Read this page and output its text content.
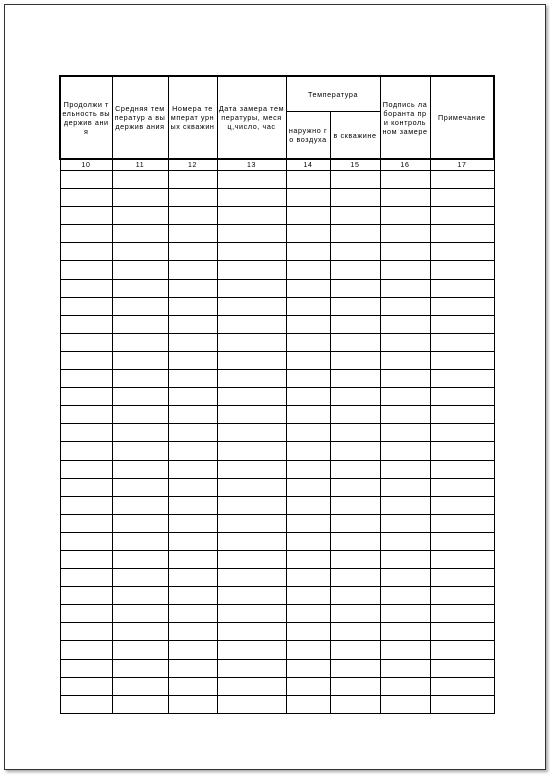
Продолжи тельность выдержив ания	Средняя температур а выдержив ания	Номера температ урных скважин	Дата замера температуры, месяц,число, час	Температура		Подпись лаборанта при контроль ном замере	Примечание

				наружно го воздуха	в скважине		

10	11	12	13	14	15	16	17
